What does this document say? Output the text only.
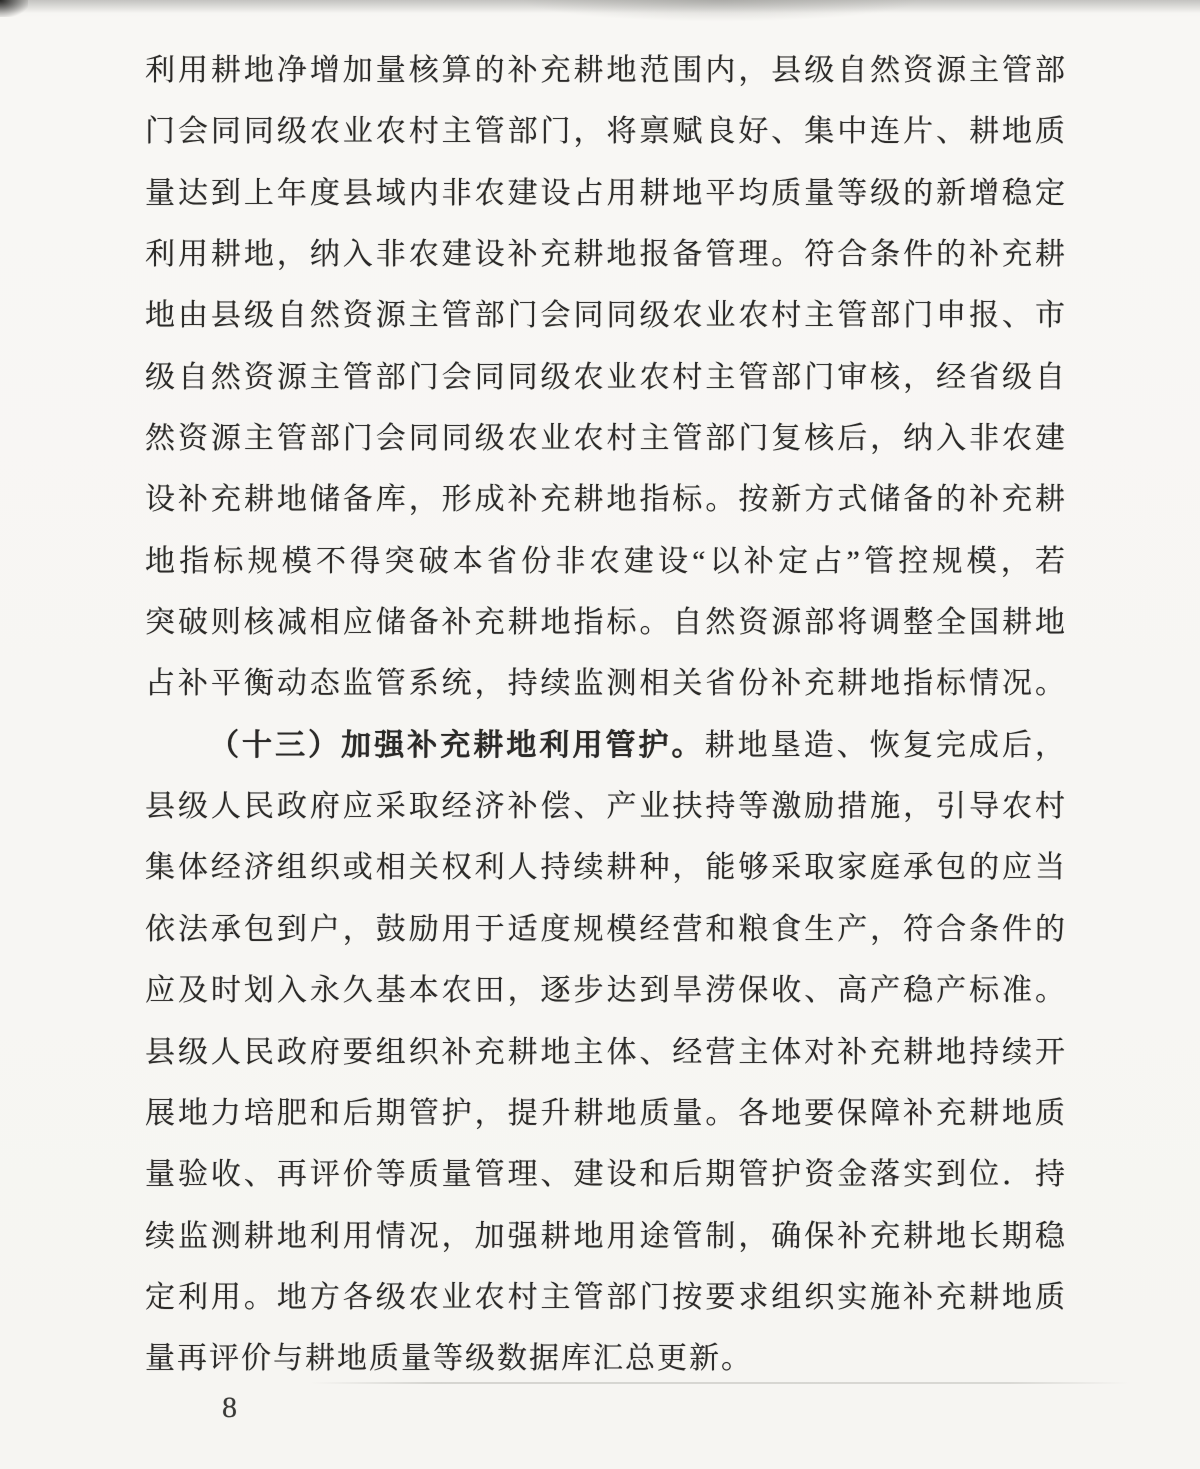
利用耕地净增加量核算的补充耕地范围内，县级自然资源主管部
门会同同级农业农村主管部门，将禀赋良好、集中连片、耕地质
量达到上年度县域内非农建设占用耕地平均质量等级的新增稳定
利用耕地，纳入非农建设补充耕地报备管理。符合条件的补充耕
地由县级自然资源主管部门会同同级农业农村主管部门申报、市
级自然资源主管部门会同同级农业农村主管部门审核，经省级自
然资源主管部门会同同级农业农村主管部门复核后，纳入非农建
设补充耕地储备库，形成补充耕地指标。按新方式储备的补充耕
地指标规模不得突破本省份非农建设“以补定占”管控规模，若
突破则核减相应储备补充耕地指标。自然资源部将调整全国耕地
占补平衡动态监管系统，持续监测相关省份补充耕地指标情况。
（十三）加强补充耕地利用管护。耕地垦造、恢复完成后，
县级人民政府应采取经济补偿、产业扶持等激励措施，引导农村
集体经济组织或相关权利人持续耕种，能够采取家庭承包的应当
依法承包到户，鼓励用于适度规模经营和粮食生产，符合条件的
应及时划入永久基本农田，逐步达到旱涝保收、高产稳产标准。
县级人民政府要组织补充耕地主体、经营主体对补充耕地持续开
展地力培肥和后期管护，提升耕地质量。各地要保障补充耕地质
量验收、再评价等质量管理、建设和后期管护资金落实到位．持
续监测耕地利用情况，加强耕地用途管制，确保补充耕地长期稳
定利用。地方各级农业农村主管部门按要求组织实施补充耕地质
量再评价与耕地质量等级数据库汇总更新。
8
